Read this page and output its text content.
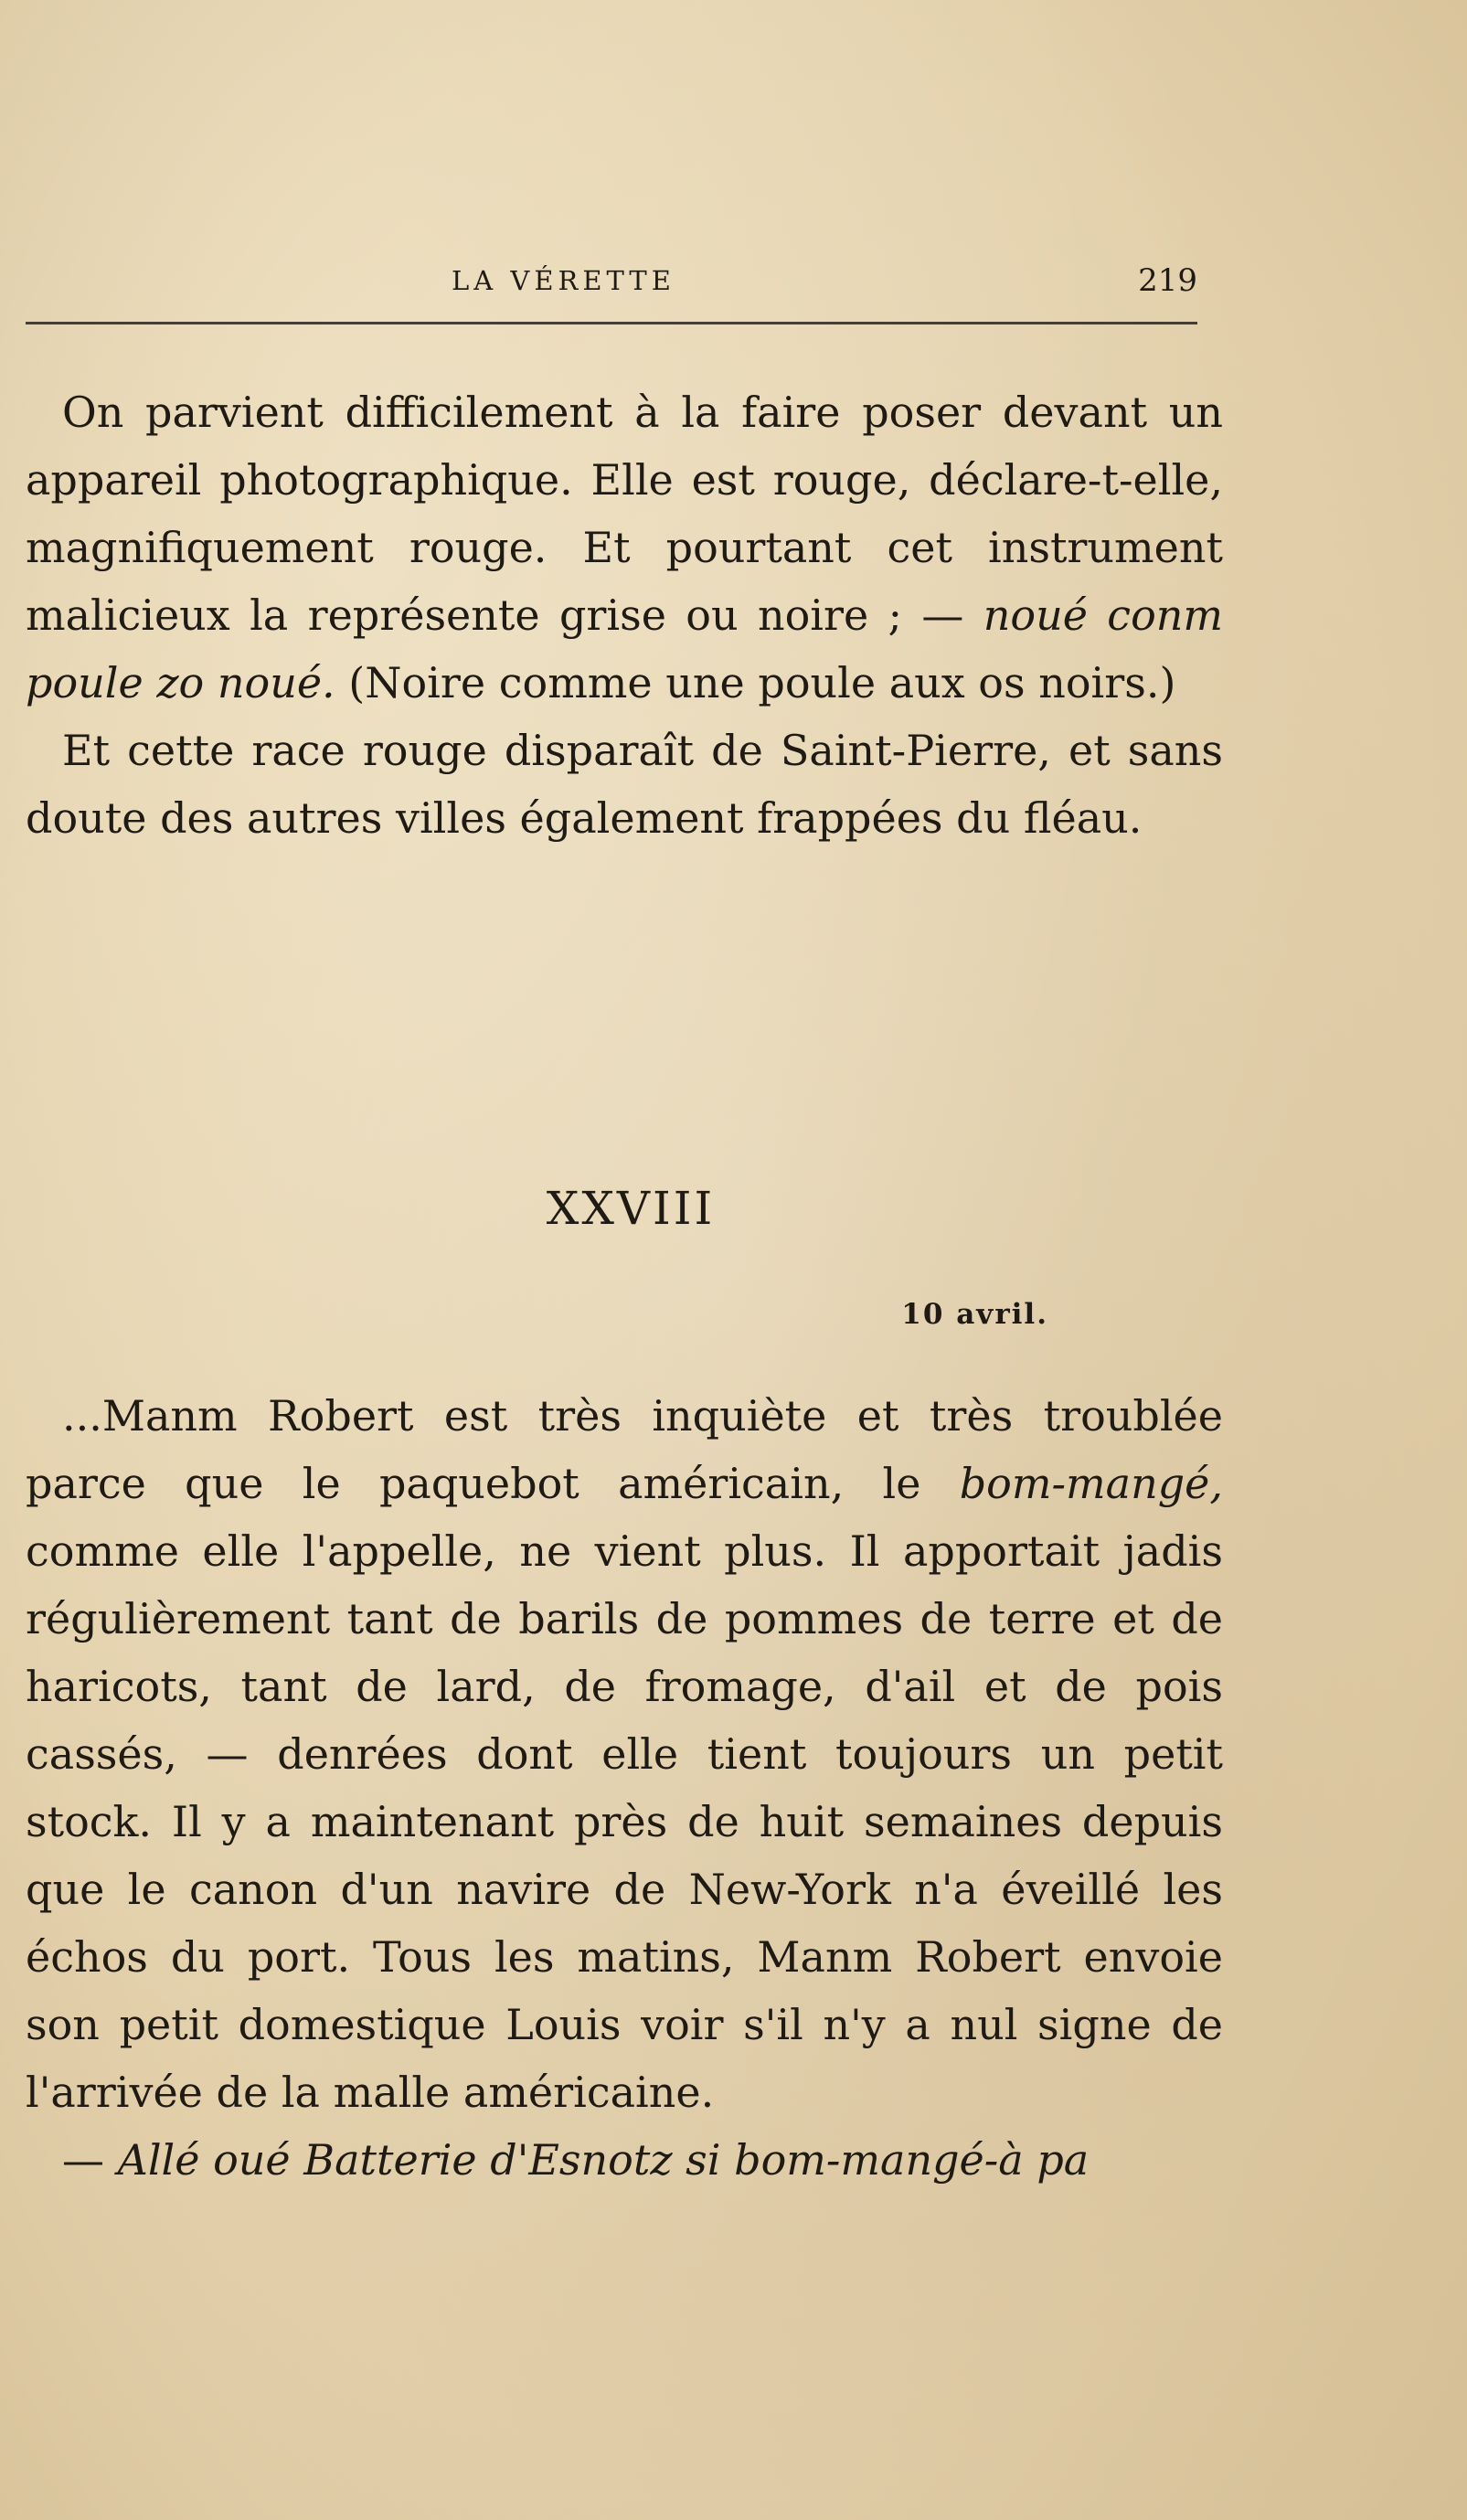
LA VÉRETTE	219

On parvient difficilement à la faire poser devant un appareil photographique. Elle est rouge, déclare-t-elle, magnifiquement rouge. Et pourtant cet instrument malicieux la représente grise ou noire ; — noué conm poule zo noué. (Noire comme une poule aux os noirs.)

Et cette race rouge disparaît de Saint-Pierre, et sans doute des autres villes également frappées du fléau.

XXVIII
10 avril.

...Manm Robert est très inquiète et très troublée parce que le paquebot américain, le bom-mangé, comme elle l'appelle, ne vient plus. Il apportait jadis régulièrement tant de barils de pommes de terre et de haricots, tant de lard, de fromage, d'ail et de pois cassés, — denrées dont elle tient toujours un petit stock. Il y a maintenant près de huit semaines depuis que le canon d'un navire de New-York n'a éveillé les échos du port. Tous les matins, Manm Robert envoie son petit domestique Louis voir s'il n'y a nul signe de l'arrivée de la malle américaine.

— Allé oué Batterie d'Esnotz si bom-mangé-à pa
